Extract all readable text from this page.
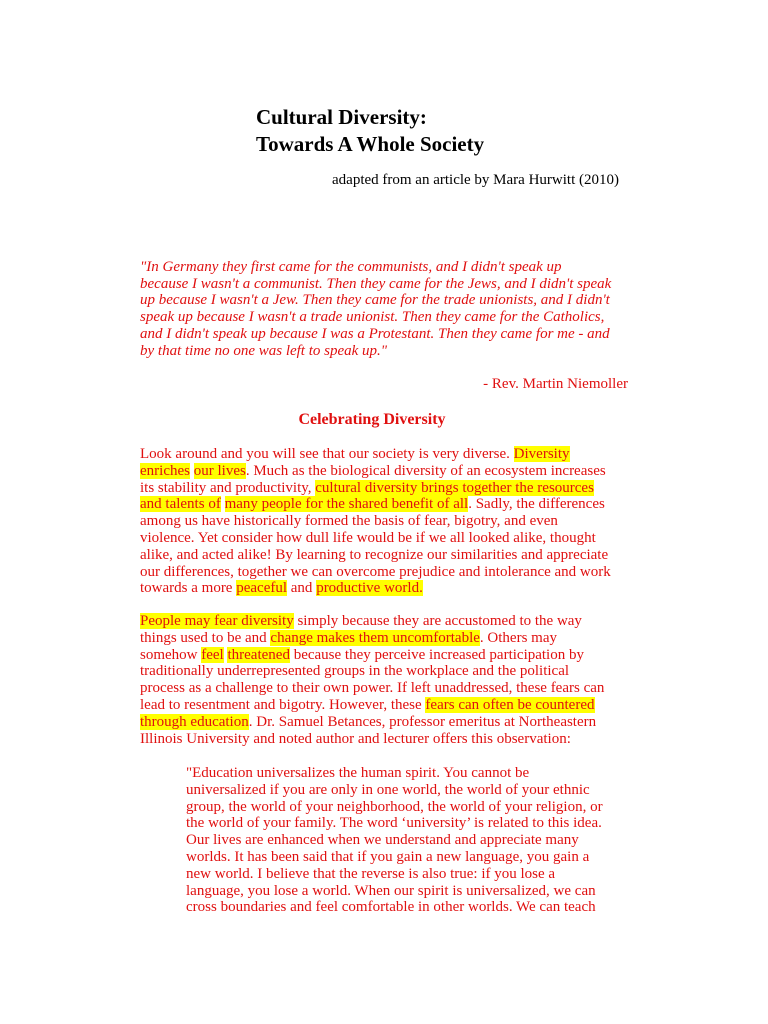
Cultural Diversity:
Towards A Whole Society
adapted from an article by Mara Hurwitt (2010)

"In Germany they first came for the communists, and I didn't speak up

because I wasn't a communist. Then they came for the Jews, and I didn't speak

up because I wasn't a Jew. Then they came for the trade unionists, and I didn't

speak up because I wasn't a trade unionist. Then they came for the Catholics,

and I didn't speak up because I was a Protestant. Then they came for me - and

by that time no one was left to speak up."

- Rev. Martin Niemoller
Celebrating Diversity

Look around and you will see that our society is very diverse. Diversity

enriches our lives. Much as the biological diversity of an ecosystem increases

its stability and productivity, cultural diversity brings together the resources

and talents of many people for the shared benefit of all. Sadly, the differences

among us have historically formed the basis of fear, bigotry, and even

violence. Yet consider how dull life would be if we all looked alike, thought

alike, and acted alike! By learning to recognize our similarities and appreciate

our differences, together we can overcome prejudice and intolerance and work

towards a more peaceful and productive world.

People may fear diversity simply because they are accustomed to the way

things used to be and change makes them uncomfortable. Others may

somehow feel threatened because they perceive increased participation by

traditionally underrepresented groups in the workplace and the political

process as a challenge to their own power. If left unaddressed, these fears can

lead to resentment and bigotry. However, these fears can often be countered

through education. Dr. Samuel Betances, professor emeritus at Northeastern

Illinois University and noted author and lecturer offers this observation:

"Education universalizes the human spirit. You cannot be

universalized if you are only in one world, the world of your ethnic

group, the world of your neighborhood, the world of your religion, or

the world of your family. The word ‘university’ is related to this idea.

Our lives are enhanced when we understand and appreciate many

worlds. It has been said that if you gain a new language, you gain a

new world. I believe that the reverse is also true: if you lose a

language, you lose a world. When our spirit is universalized, we can

cross boundaries and feel comfortable in other worlds. We can teach
